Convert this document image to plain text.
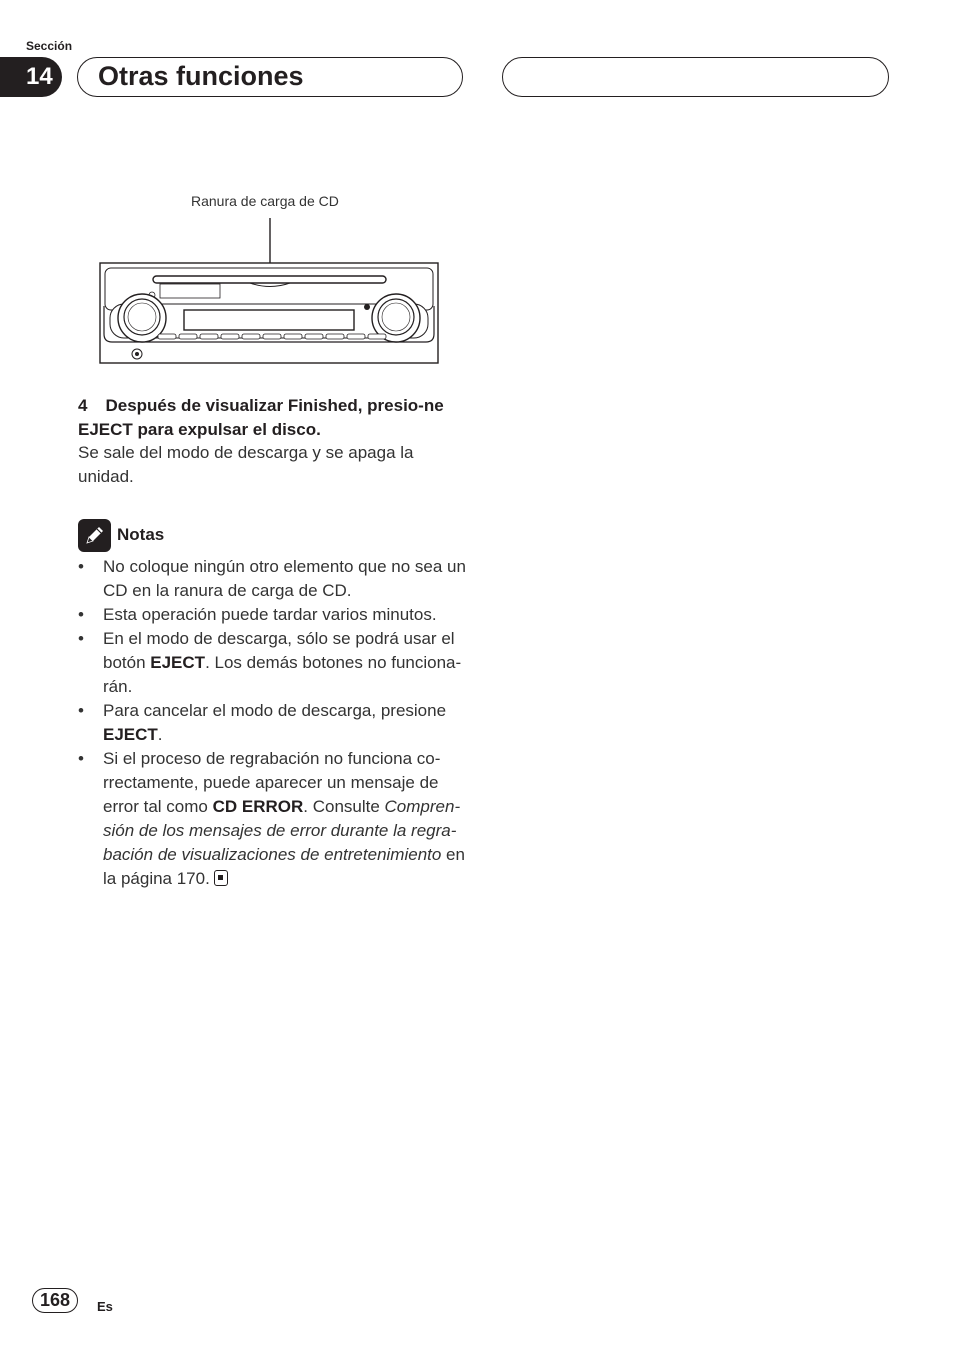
Sección
14	Otras funciones
Ranura de carga de CD
4 Después de visualizar Finished, presio-ne EJECT para expulsar el disco.
Se sale del modo de descarga y se apaga la unidad.
Notas
• No coloque ningún otro elemento que no sea un CD en la ranura de carga de CD.
• Esta operación puede tardar varios minutos.
• En el modo de descarga, sólo se podrá usar el botón EJECT. Los demás botones no funciona-rán.
• Para cancelar el modo de descarga, presione EJECT.
• Si el proceso de regrabación no funciona co-rrectamente, puede aparecer un mensaje de error tal como CD ERROR. Consulte Compren-sión de los mensajes de error durante la regra-bación de visualizaciones de entretenimiento en la página 170.
168	Es
